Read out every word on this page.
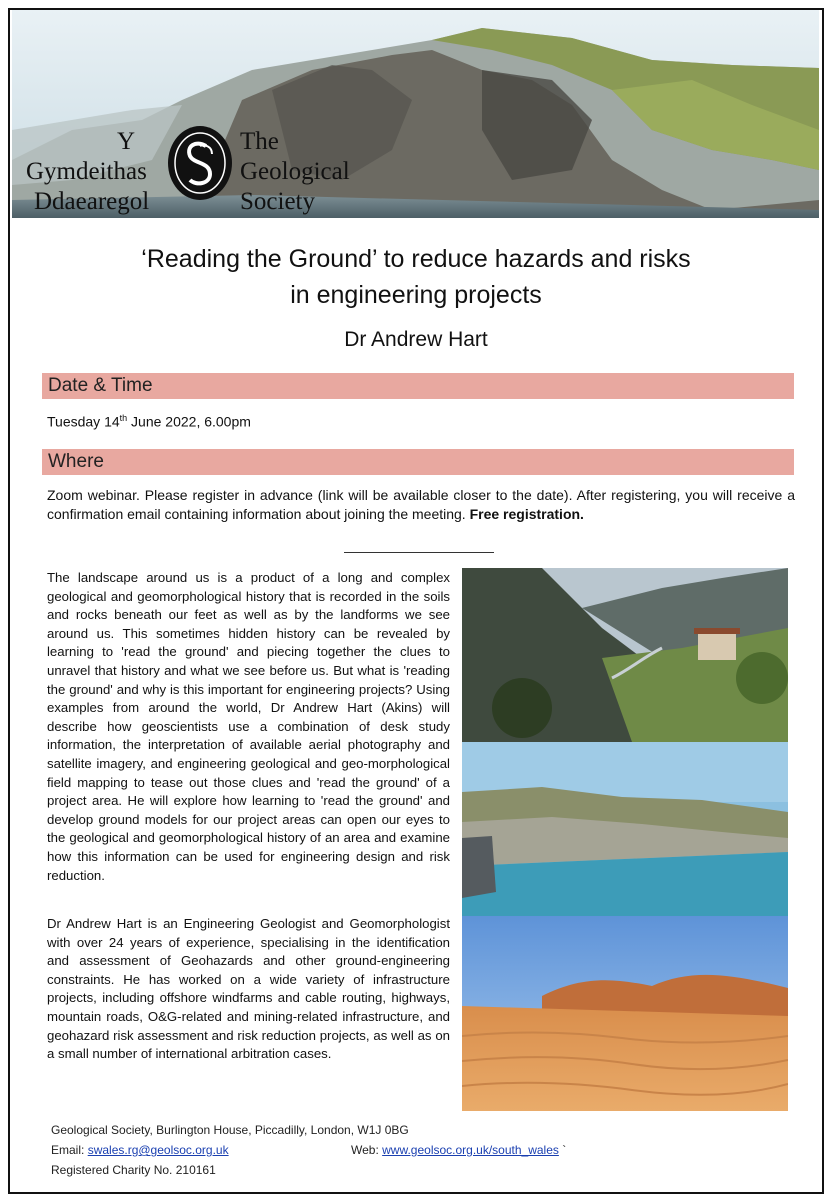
Y
Gymdeithas
Ddaearegol
The
Geological
Society
‘Reading the Ground’ to reduce hazards and risks
in engineering projects
Dr Andrew Hart
Date & Time
Tuesday 14th June 2022, 6.00pm
Where
Zoom webinar. Please register in advance (link will be available closer to the date). After registering, you will receive a confirmation email containing information about joining the meeting. Free registration.
The landscape around us is a product of a long and complex geological and geomorphological history that is recorded in the soils and rocks beneath our feet as well as by the landforms we see around us. This sometimes hidden history can be revealed by learning to 'read the ground' and piecing together the clues to unravel that history and what we see before us. But what is 'reading the ground' and why is this important for engineering projects? Using examples from around the world, Dr Andrew Hart (Akins) will describe how geoscientists use a combination of desk study information, the interpretation of available aerial photography and satellite imagery, and engineering geological and geo-morphological field mapping to tease out those clues and 'read the ground' of a project area. He will explore how learning to 'read the ground' and develop ground models for our project areas can open our eyes to the geological and geomorphological history of an area and examine how this information can be used for engineering design and risk reduction.
Dr Andrew Hart is an Engineering Geologist and Geomorphologist with over 24 years of experience, specialising in the identification and assessment of Geohazards and other ground-engineering constraints. He has worked on a wide variety of infrastructure projects, including offshore windfarms and cable routing, highways, mountain roads, O&G-related and mining-related infrastructure, and geohazard risk assessment and risk reduction projects, as well as on a small number of international arbitration cases.
Geological Society, Burlington House, Piccadilly, London, W1J 0BG
Email: swales.rg@geolsoc.org.uk	Web: www.geolsoc.org.uk/south_wales `
Registered Charity No. 210161
